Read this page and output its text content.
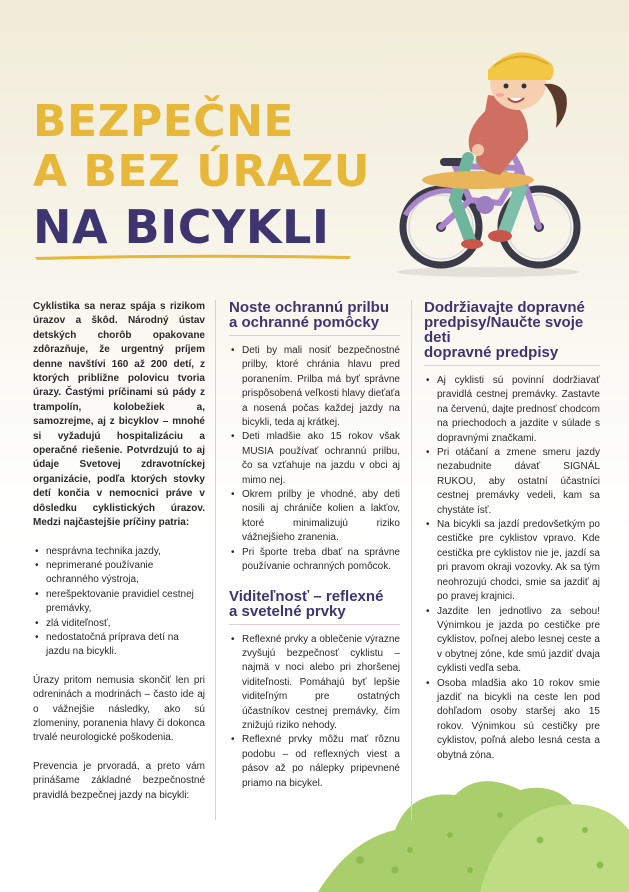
BEZPEČNE
A BEZ ÚRAZU
NA BICYKLI

Cyklistika sa neraz spája s rizikom úrazov a škôd. Národný ústav detských chorôb opakovane zdôrazňuje, že urgentný príjem denne navštívi 160 až 200 detí, z ktorých približne polovicu tvoria úrazy. Častými príčinami sú pády z trampolín, kolobežiek a, samozrejme, aj z bicyklov – mnohé si vyžadujú hospitalizáciu a operačné riešenie. Potvrdzujú to aj údaje Svetovej zdravotníckej organizácie, podľa ktorých stovky detí končia v nemocnici práve v dôsledku cyklistických úrazov. Medzi najčastejšie príčiny patria:

• nesprávna technika jazdy,
• neprimerané používanie ochranného výstroja,
• nerešpektovanie pravidiel cestnej premávky,
• zlá viditeľnosť,
• nedostatočná príprava detí na jazdu na bicykli.

Úrazy pritom nemusia skončiť len pri odreninách a modrinách – často ide aj o vážnejšie následky, ako sú zlomeniny, poranenia hlavy či dokonca trvalé neurologické poškodenia.

Prevencia je prvoradá, a preto vám prinášame základné bezpečnostné pravidlá bezpečnej jazdy na bicykli:

Noste ochrannú prilbu
a ochranné pomôcky
• Deti by mali nosiť bezpečnostné prilby, ktoré chránia hlavu pred poranením. Prilba má byť správne prispôsobená veľkosti hlavy dieťaťa a nosená počas každej jazdy na bicykli, teda aj krátkej.
• Deti mladšie ako 15 rokov však MUSIA používať ochrannú prilbu, čo sa vzťahuje na jazdu v obci aj mimo nej.
• Okrem prilby je vhodné, aby deti nosili aj chrániče kolien a lakťov, ktoré minimalizujú riziko vážnejšieho zranenia.
• Pri športe treba dbať na správne používanie ochranných pomôcok.
Viditeľnosť – reflexné
a svetelné prvky
• Reflexné prvky a oblečenie výrazne zvyšujú bezpečnosť cyklistu – najmä v noci alebo pri zhoršenej viditeľnosti. Pomáhajú byť lepšie viditeľným pre ostatných účastníkov cestnej premávky, čím znižujú riziko nehody.
• Reflexné prvky môžu mať rôznu podobu – od reflexných viest a pásov až po nálepky pripevnené priamo na bicykel.
Dodržiavajte dopravné
predpisy/Naučte svoje deti
dopravné predpisy
• Aj cyklisti sú povinní dodržiavať pravidlá cestnej premávky. Zastavte na červenú, dajte prednosť chodcom na priechodoch a jazdite v súlade s dopravnými značkami.
• Pri otáčaní a zmene smeru jazdy nezabudnite dávať SIGNÁL RUKOU, aby ostatní účastníci cestnej premávky vedeli, kam sa chystáte ísť.
• Na bicykli sa jazdí predovšetkým po cestičke pre cyklistov vpravo. Kde cestička pre cyklistov nie je, jazdí sa pri pravom okraji vozovky. Ak sa tým neohrozujú chodci, smie sa jazdiť aj po pravej krajnici.
• Jazdite len jednotlivo za sebou! Výnimkou je jazda po cestičke pre cyklistov, poľnej alebo lesnej ceste a v obytnej zóne, kde smú jazdiť dvaja cyklisti vedľa seba.
• Osoba mladšia ako 10 rokov smie jazdiť na bicykli na ceste len pod dohľadom osoby staršej ako 15 rokov. Výnimkou sú cestičky pre cyklistov, poľná alebo lesná cesta a obytná zóna.
